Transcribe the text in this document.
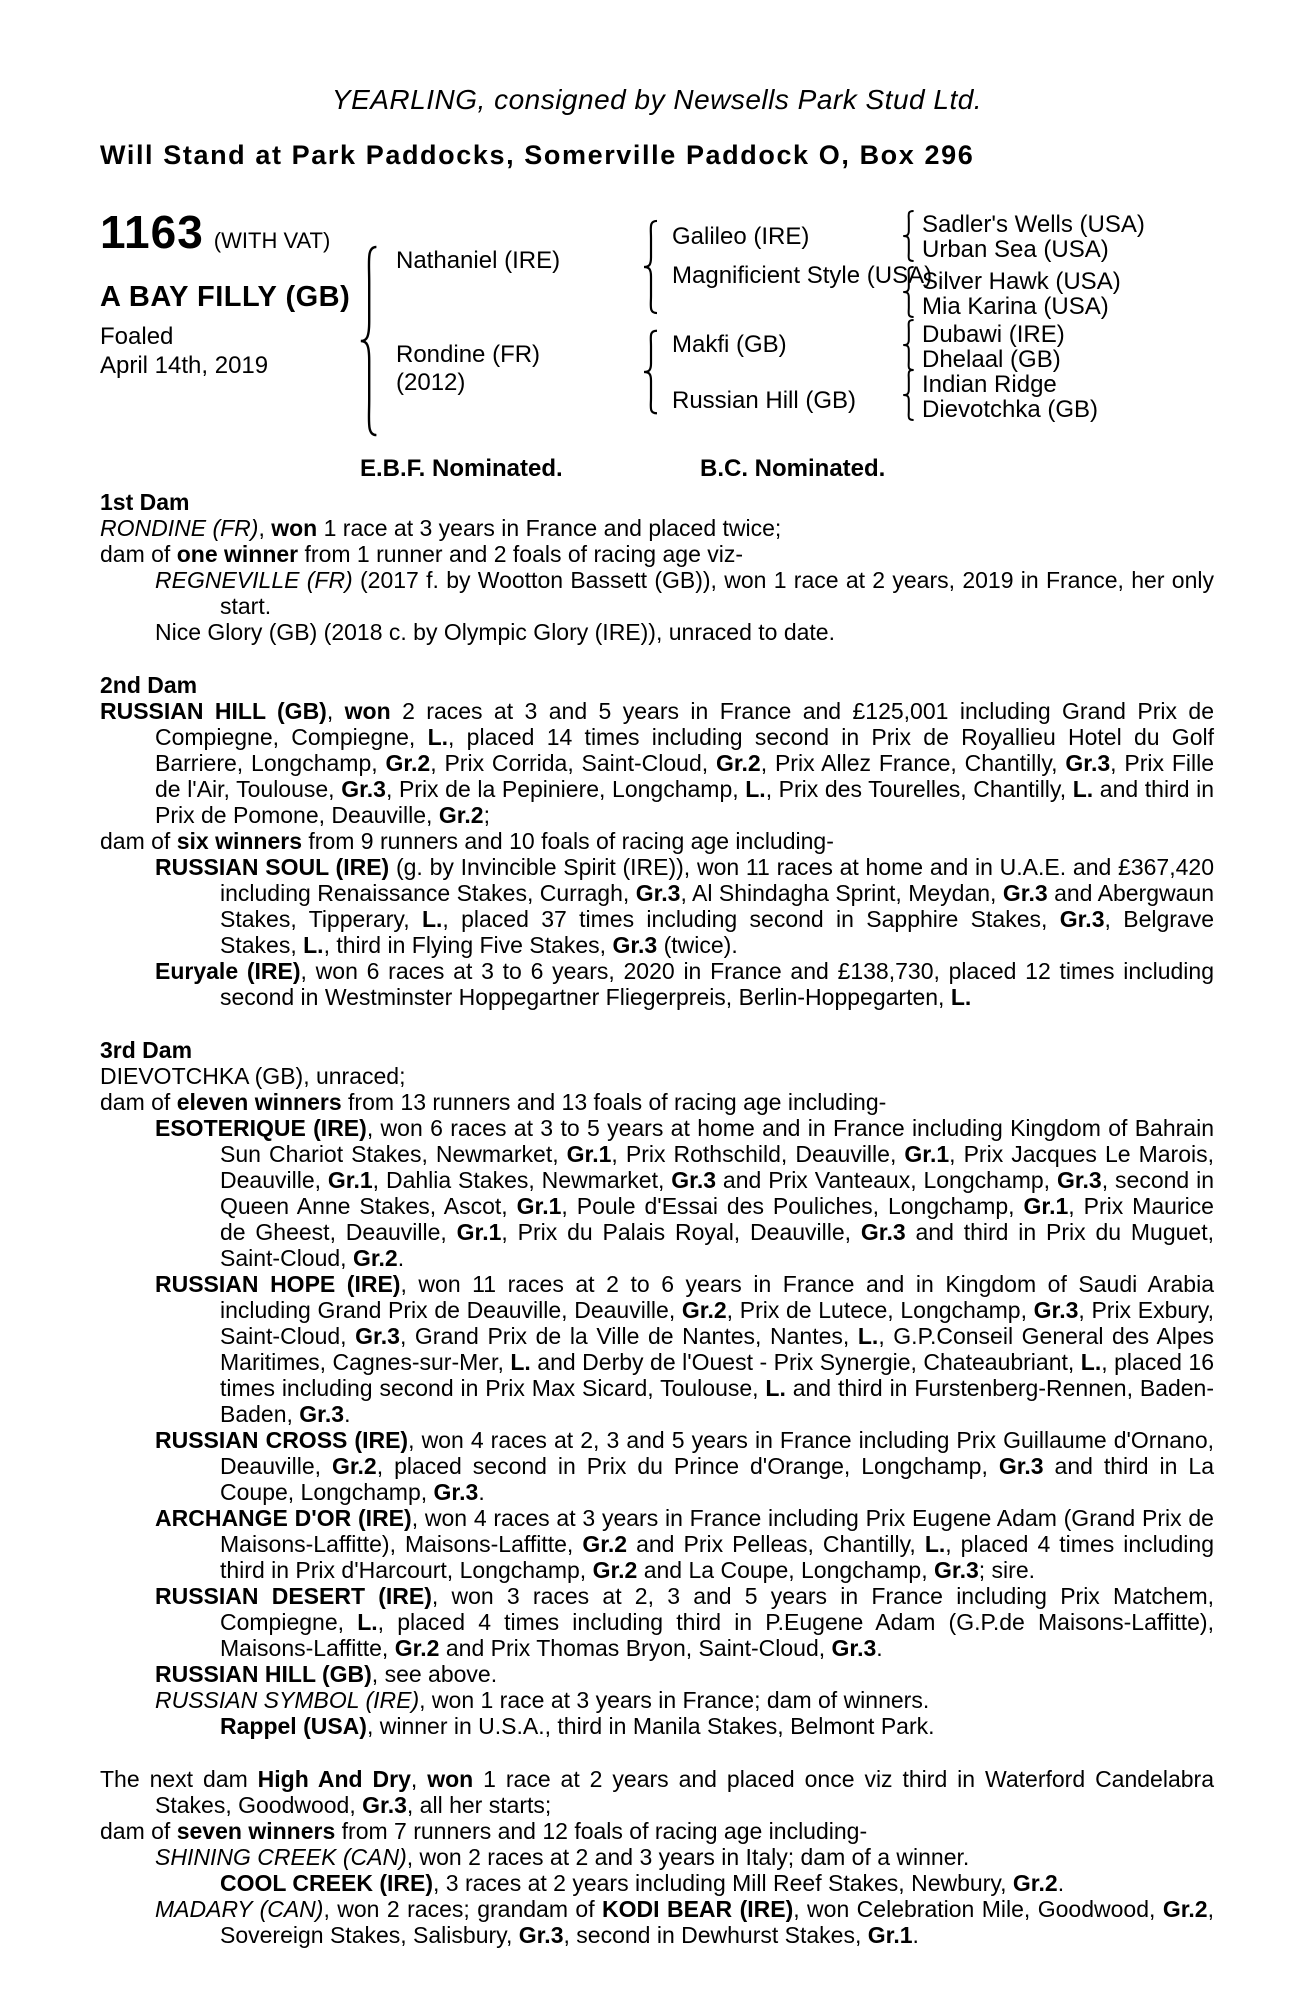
YEARLING, consigned by Newsells Park Stud Ltd.
Will Stand at Park Paddocks, Somerville Paddock O, Box 296
1163 (WITH VAT)
A BAY FILLY (GB)
Foaled
April 14th, 2019
Nathaniel (IRE)
Rondine (FR)
(2012)
Galileo (IRE)
Magnificient Style (USA)
Makfi (GB)
Russian Hill (GB)
Sadler's Wells (USA)
Urban Sea (USA)
Silver Hawk (USA)
Mia Karina (USA)
Dubawi (IRE)
Dhelaal (GB)
Indian Ridge
Dievotchka (GB)
E.B.F. Nominated.	B.C. Nominated.
1st Dam
RONDINE (FR), won 1 race at 3 years in France and placed twice;
dam of one winner from 1 runner and 2 foals of racing age viz-
REGNEVILLE (FR) (2017 f. by Wootton Bassett (GB)), won 1 race at 2 years, 2019 in France, her only start.
Nice Glory (GB) (2018 c. by Olympic Glory (IRE)), unraced to date.
2nd Dam
RUSSIAN HILL (GB), won 2 races at 3 and 5 years in France and £125,001 including Grand Prix de Compiegne, Compiegne, L., placed 14 times including second in Prix de Royallieu Hotel du Golf Barriere, Longchamp, Gr.2, Prix Corrida, Saint-Cloud, Gr.2, Prix Allez France, Chantilly, Gr.3, Prix Fille de l'Air, Toulouse, Gr.3, Prix de la Pepiniere, Longchamp, L., Prix des Tourelles, Chantilly, L. and third in Prix de Pomone, Deauville, Gr.2;
dam of six winners from 9 runners and 10 foals of racing age including-
RUSSIAN SOUL (IRE) (g. by Invincible Spirit (IRE)), won 11 races at home and in U.A.E. and £367,420 including Renaissance Stakes, Curragh, Gr.3, Al Shindagha Sprint, Meydan, Gr.3 and Abergwaun Stakes, Tipperary, L., placed 37 times including second in Sapphire Stakes, Gr.3, Belgrave Stakes, L., third in Flying Five Stakes, Gr.3 (twice).
Euryale (IRE), won 6 races at 3 to 6 years, 2020 in France and £138,730, placed 12 times including second in Westminster Hoppegartner Fliegerpreis, Berlin-Hoppegarten, L.
3rd Dam
DIEVOTCHKA (GB), unraced;
dam of eleven winners from 13 runners and 13 foals of racing age including-
ESOTERIQUE (IRE), won 6 races at 3 to 5 years at home and in France including Kingdom of Bahrain Sun Chariot Stakes, Newmarket, Gr.1, Prix Rothschild, Deauville, Gr.1, Prix Jacques Le Marois, Deauville, Gr.1, Dahlia Stakes, Newmarket, Gr.3 and Prix Vanteaux, Longchamp, Gr.3, second in Queen Anne Stakes, Ascot, Gr.1, Poule d'Essai des Pouliches, Longchamp, Gr.1, Prix Maurice de Gheest, Deauville, Gr.1, Prix du Palais Royal, Deauville, Gr.3 and third in Prix du Muguet, Saint-Cloud, Gr.2.
RUSSIAN HOPE (IRE), won 11 races at 2 to 6 years in France and in Kingdom of Saudi Arabia including Grand Prix de Deauville, Deauville, Gr.2, Prix de Lutece, Longchamp, Gr.3, Prix Exbury, Saint-Cloud, Gr.3, Grand Prix de la Ville de Nantes, Nantes, L., G.P.Conseil General des Alpes Maritimes, Cagnes-sur-Mer, L. and Derby de l'Ouest - Prix Synergie, Chateaubriant, L., placed 16 times including second in Prix Max Sicard, Toulouse, L. and third in Furstenberg-Rennen, Baden-Baden, Gr.3.
RUSSIAN CROSS (IRE), won 4 races at 2, 3 and 5 years in France including Prix Guillaume d'Ornano, Deauville, Gr.2, placed second in Prix du Prince d'Orange, Longchamp, Gr.3 and third in La Coupe, Longchamp, Gr.3.
ARCHANGE D'OR (IRE), won 4 races at 3 years in France including Prix Eugene Adam (Grand Prix de Maisons-Laffitte), Maisons-Laffitte, Gr.2 and Prix Pelleas, Chantilly, L., placed 4 times including third in Prix d'Harcourt, Longchamp, Gr.2 and La Coupe, Longchamp, Gr.3; sire.
RUSSIAN DESERT (IRE), won 3 races at 2, 3 and 5 years in France including Prix Matchem, Compiegne, L., placed 4 times including third in P.Eugene Adam (G.P.de Maisons-Laffitte), Maisons-Laffitte, Gr.2 and Prix Thomas Bryon, Saint-Cloud, Gr.3.
RUSSIAN HILL (GB), see above.
RUSSIAN SYMBOL (IRE), won 1 race at 3 years in France; dam of winners.
Rappel (USA), winner in U.S.A., third in Manila Stakes, Belmont Park.
The next dam High And Dry, won 1 race at 2 years and placed once viz third in Waterford Candelabra Stakes, Goodwood, Gr.3, all her starts;
dam of seven winners from 7 runners and 12 foals of racing age including-
SHINING CREEK (CAN), won 2 races at 2 and 3 years in Italy; dam of a winner.
COOL CREEK (IRE), 3 races at 2 years including Mill Reef Stakes, Newbury, Gr.2.
MADARY (CAN), won 2 races; grandam of KODI BEAR (IRE), won Celebration Mile, Goodwood, Gr.2, Sovereign Stakes, Salisbury, Gr.3, second in Dewhurst Stakes, Gr.1.
